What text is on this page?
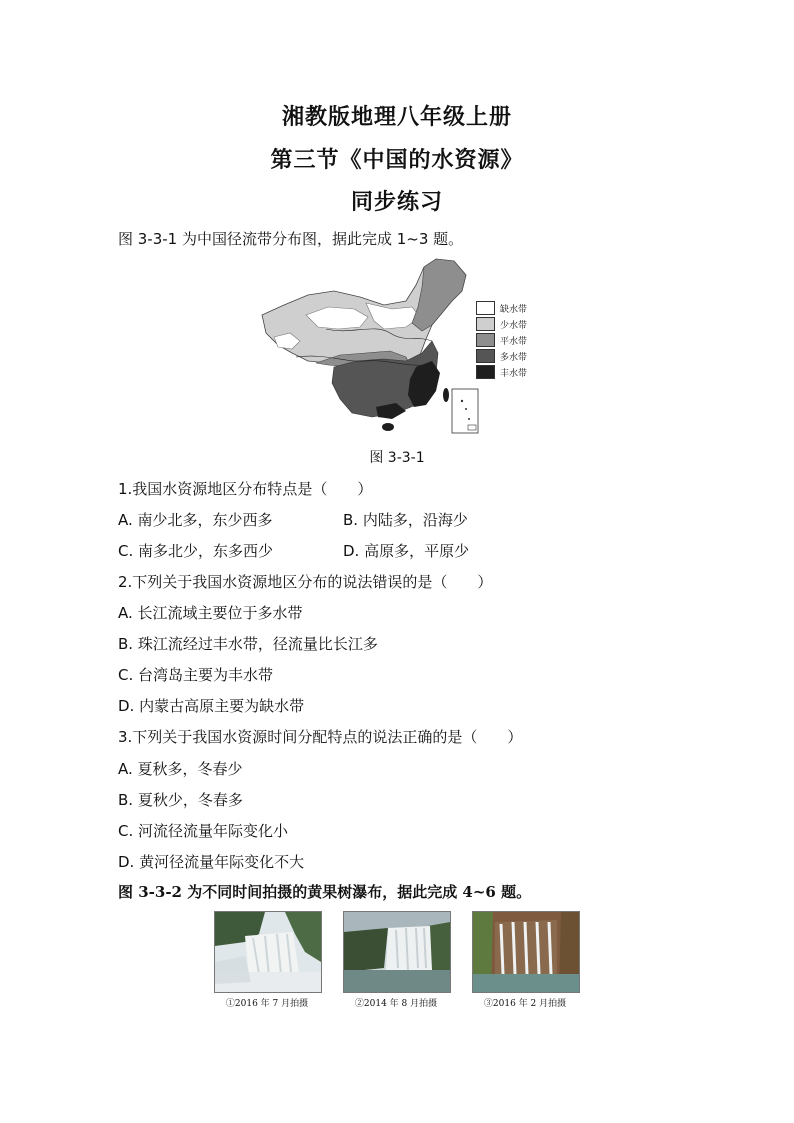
湘教版地理八年级上册
第三节《中国的水资源》
同步练习
图 3-3-1 为中国径流带分布图，据此完成 1~3 题。
缺水带
少水带
平水带
多水带
丰水带
图 3-3-1
1.我国水资源地区分布特点是（　　）
A. 南少北多，东少西多	B. 内陆多，沿海少
C. 南多北少，东多西少	D. 高原多，平原少
2.下列关于我国水资源地区分布的说法错误的是（　　）
A. 长江流域主要位于多水带
B. 珠江流经过丰水带，径流量比长江多
C. 台湾岛主要为丰水带
D. 内蒙古高原主要为缺水带
3.下列关于我国水资源时间分配特点的说法正确的是（　　）
A. 夏秋多，冬春少
B. 夏秋少，冬春多
C. 河流径流量年际变化小
D. 黄河径流量年际变化不大
图 3-3-2 为不同时间拍摄的黄果树瀑布，据此完成 4~6 题。
①2016 年 7 月拍摄	②2014 年 8 月拍摄	③2016 年 2 月拍摄
